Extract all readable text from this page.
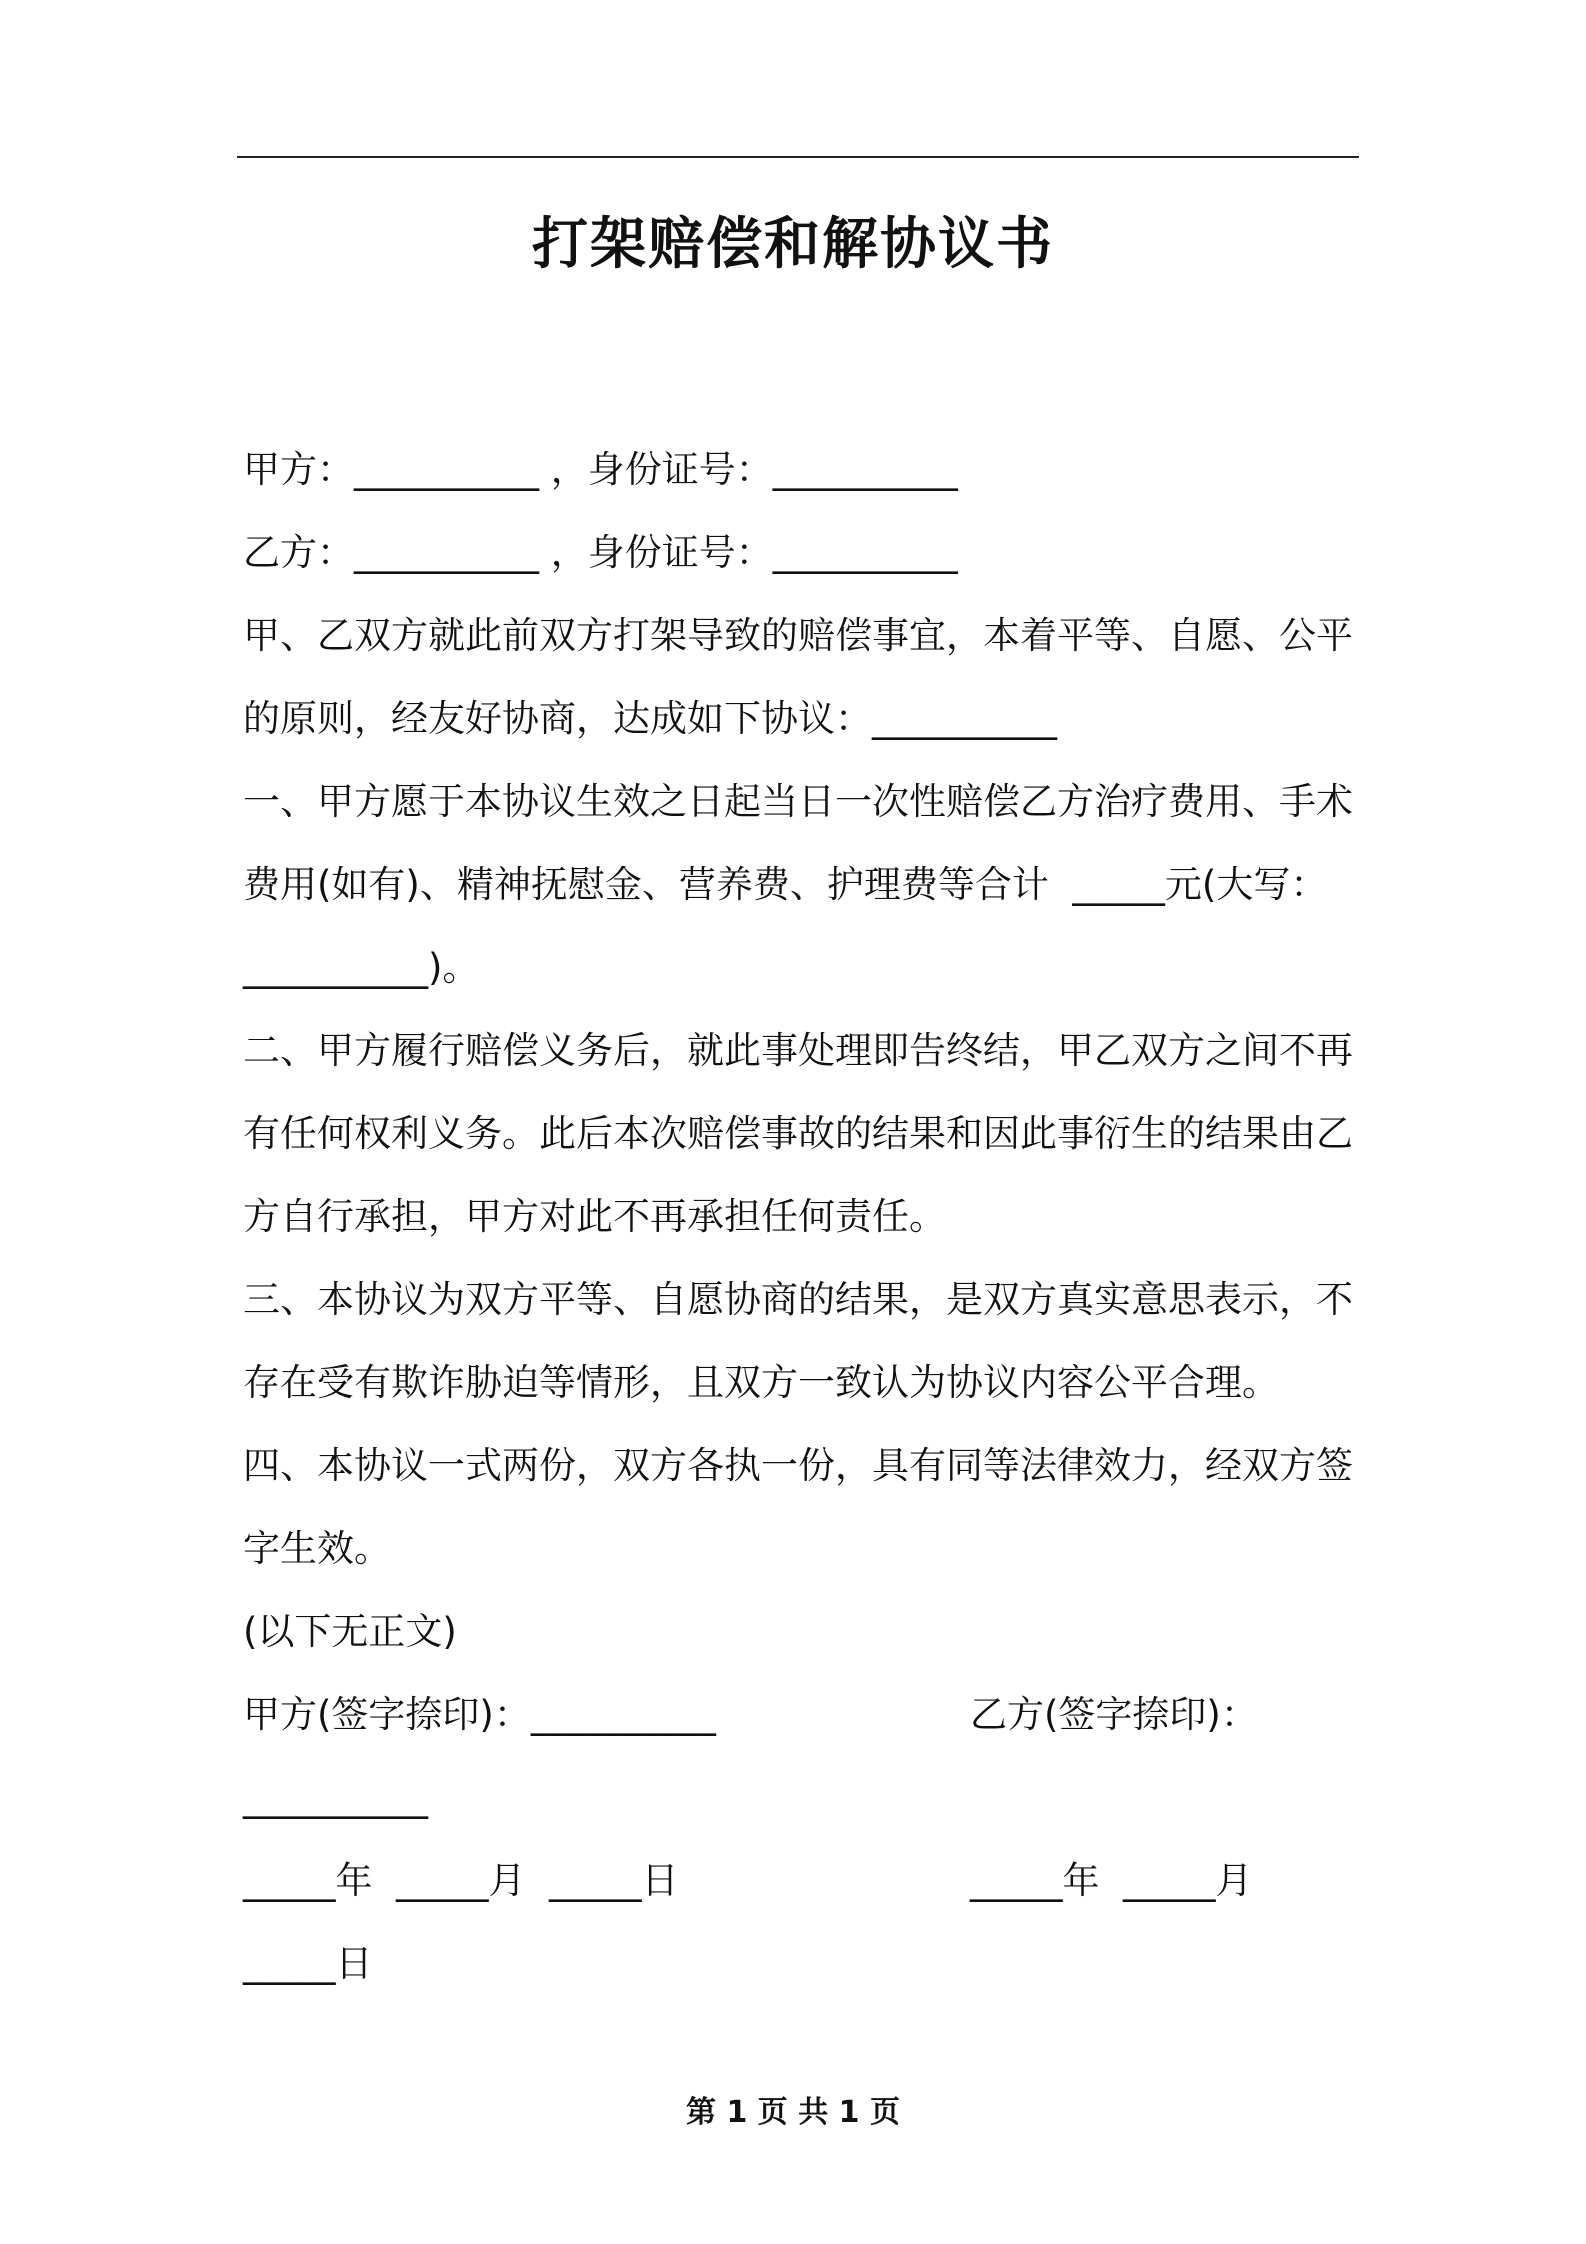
打架赔偿和解协议书
甲方：__________ ，身份证号：__________
乙方：__________ ，身份证号：__________
甲、乙双方就此前双方打架导致的赔偿事宜，本着平等、自愿、公平
的原则，经友好协商，达成如下协议：__________
一、甲方愿于本协议生效之日起当日一次性赔偿乙方治疗费用、手术
费用(如有)、精神抚慰金、营养费、护理费等合计  _____元(大写：
__________)。
二、甲方履行赔偿义务后，就此事处理即告终结，甲乙双方之间不再
有任何权利义务。此后本次赔偿事故的结果和因此事衍生的结果由乙
方自行承担，甲方对此不再承担任何责任。
三、本协议为双方平等、自愿协商的结果，是双方真实意思表示，不
存在受有欺诈胁迫等情形，且双方一致认为协议内容公平合理。
四、本协议一式两份，双方各执一份，具有同等法律效力，经双方签
字生效。
(以下无正文)
甲方(签字捺印)：__________	乙方(签字捺印)：
__________
_____年  _____月  _____日	_____年  _____月
_____日
第 1 页 共 1 页
